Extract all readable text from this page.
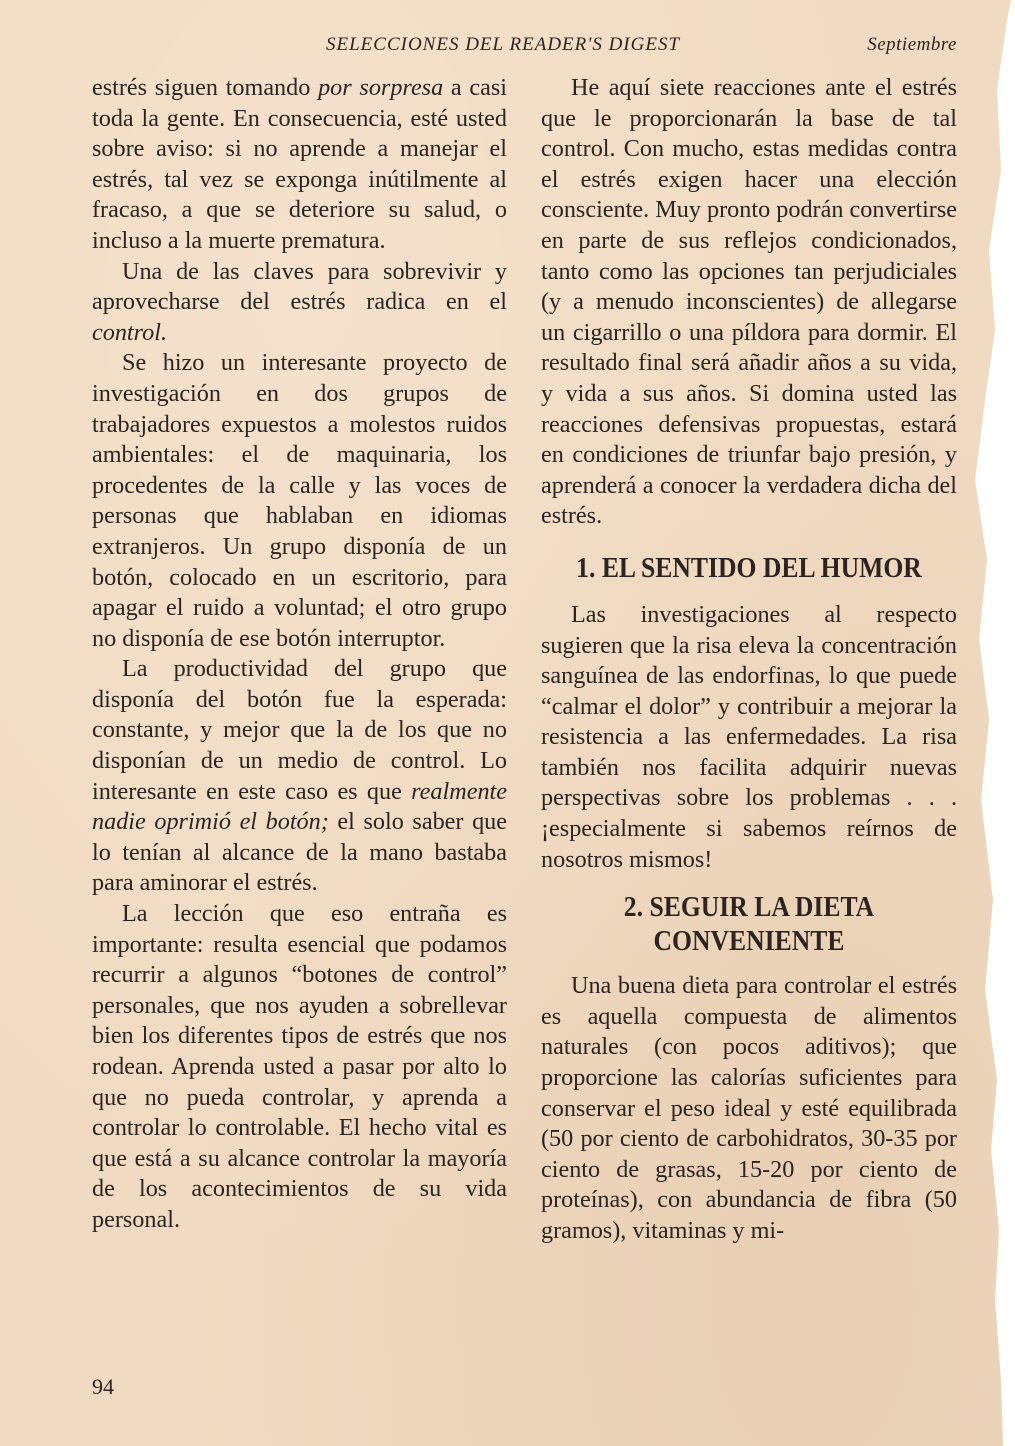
SELECCIONES DEL READER'S DIGEST	Septiembre

estrés siguen tomando por sorpresa a casi toda la gente. En consecuencia, esté usted sobre aviso: si no aprende a manejar el estrés, tal vez se exponga inútilmente al fracaso, a que se deteriore su salud, o incluso a la muerte prematura.

Una de las claves para sobrevivir y aprovecharse del estrés radica en el control.

Se hizo un interesante proyecto de investigación en dos grupos de trabajadores expuestos a molestos ruidos ambientales: el de maquinaria, los procedentes de la calle y las voces de personas que hablaban en idiomas extranjeros. Un grupo disponía de un botón, colocado en un escritorio, para apagar el ruido a voluntad; el otro grupo no disponía de ese botón interruptor.

La productividad del grupo que disponía del botón fue la esperada: constante, y mejor que la de los que no disponían de un medio de control. Lo interesante en este caso es que realmente nadie oprimió el botón; el solo saber que lo tenían al alcance de la mano bastaba para aminorar el estrés.

La lección que eso entraña es importante: resulta esencial que podamos recurrir a algunos “botones de control” personales, que nos ayuden a sobrellevar bien los diferentes tipos de estrés que nos rodean. Aprenda usted a pasar por alto lo que no pueda controlar, y aprenda a controlar lo controlable. El hecho vital es que está a su alcance controlar la mayoría de los acontecimientos de su vida personal.

He aquí siete reacciones ante el estrés que le proporcionarán la base de tal control. Con mucho, estas medidas contra el estrés exigen hacer una elección consciente. Muy pronto podrán convertirse en parte de sus reflejos condicionados, tanto como las opciones tan perjudiciales (y a menudo inconscientes) de allegarse un cigarrillo o una píldora para dormir. El resultado final será añadir años a su vida, y vida a sus años. Si domina usted las reacciones defensivas propuestas, estará en condiciones de triunfar bajo presión, y aprenderá a conocer la verdadera dicha del estrés.

1. EL SENTIDO DEL HUMOR

Las investigaciones al respecto sugieren que la risa eleva la concentración sanguínea de las endorfinas, lo que puede “calmar el dolor” y contribuir a mejorar la resistencia a las enfermedades. La risa también nos facilita adquirir nuevas perspectivas sobre los problemas . . . ¡especialmente si sabemos reírnos de nosotros mismos!

2. SEGUIR LA DIETA
CONVENIENTE

Una buena dieta para controlar el estrés es aquella compuesta de alimentos naturales (con pocos aditivos); que proporcione las calorías suficientes para conservar el peso ideal y esté equilibrada (50 por ciento de carbohidratos, 30-35 por ciento de grasas, 15-20 por ciento de proteínas), con abundancia de fibra (50 gramos), vitaminas y mi-

94
